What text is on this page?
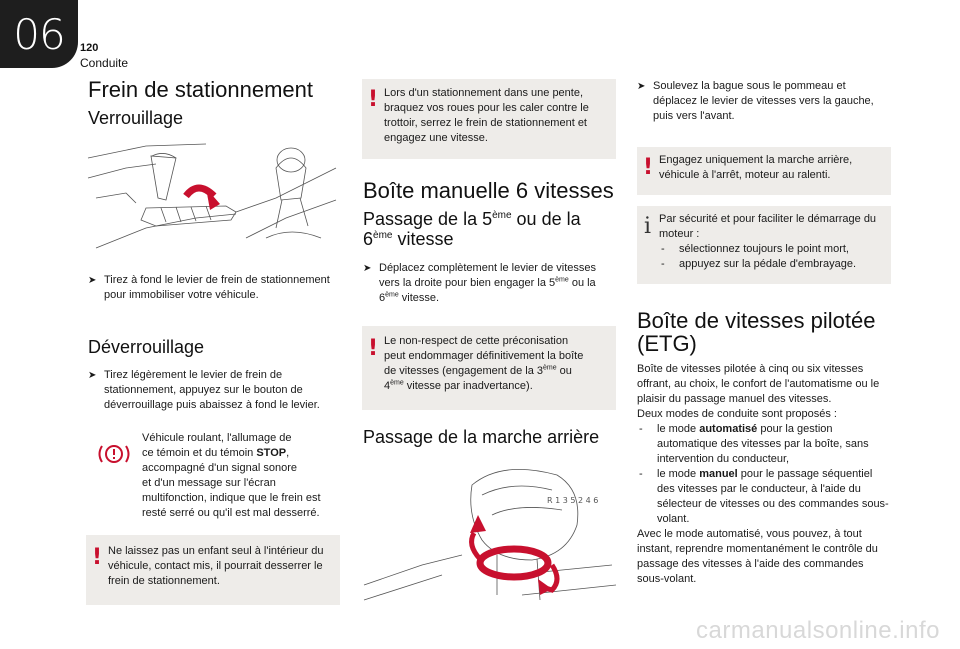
06	120
Conduite
Frein de stationnement
Verrouillage
➤ Tirez à fond le levier de frein de stationnement pour immobiliser votre véhicule.
Déverrouillage
➤ Tirez légèrement le levier de frein de stationnement, appuyez sur le bouton de déverrouillage puis abaissez à fond le levier.
Véhicule roulant, l'allumage de
ce témoin et du témoin STOP,
accompagné d'un signal sonore
et d'un message sur l'écran
multifonction, indique que le frein est
resté serré ou qu'il est mal desserré.
! Ne laissez pas un enfant seul à l'intérieur du véhicule, contact mis, il pourrait desserrer le frein de stationnement.
! Lors d'un stationnement dans une pente, braquez vos roues pour les caler contre le trottoir, serrez le frein de stationnement et engagez une vitesse.
Boîte manuelle 6 vitesses
Passage de la 5ème ou de la
6ème vitesse
➤ Déplacez complètement le levier de vitesses vers la droite pour bien engager la 5ème ou la 6ème vitesse.
! Le non-respect de cette préconisation
peut endommager définitivement la boîte
de vitesses (engagement de la 3ème ou
4ème vitesse par inadvertance).
Passage de la marche arrière
R 1 3 5 2 4 6
➤ Soulevez la bague sous le pommeau et déplacez le levier de vitesses vers la gauche, puis vers l'avant.
! Engagez uniquement la marche arrière, véhicule à l'arrêt, moteur au ralenti.
i Par sécurité et pour faciliter le démarrage du moteur :
- sélectionnez toujours le point mort,
- appuyez sur la pédale d'embrayage.
Boîte de vitesses pilotée
(ETG)
Boîte de vitesses pilotée à cinq ou six vitesses offrant, au choix, le confort de l'automatisme ou le plaisir du passage manuel des vitesses.
Deux modes de conduite sont proposés :
- le mode automatisé pour la gestion automatique des vitesses par la boîte, sans intervention du conducteur,
- le mode manuel pour le passage séquentiel des vitesses par le conducteur, à l'aide du sélecteur de vitesses ou des commandes sous-volant.
Avec le mode automatisé, vous pouvez, à tout instant, reprendre momentanément le contrôle du passage des vitesses à l'aide des commandes sous-volant.
carmanualsonline.info
